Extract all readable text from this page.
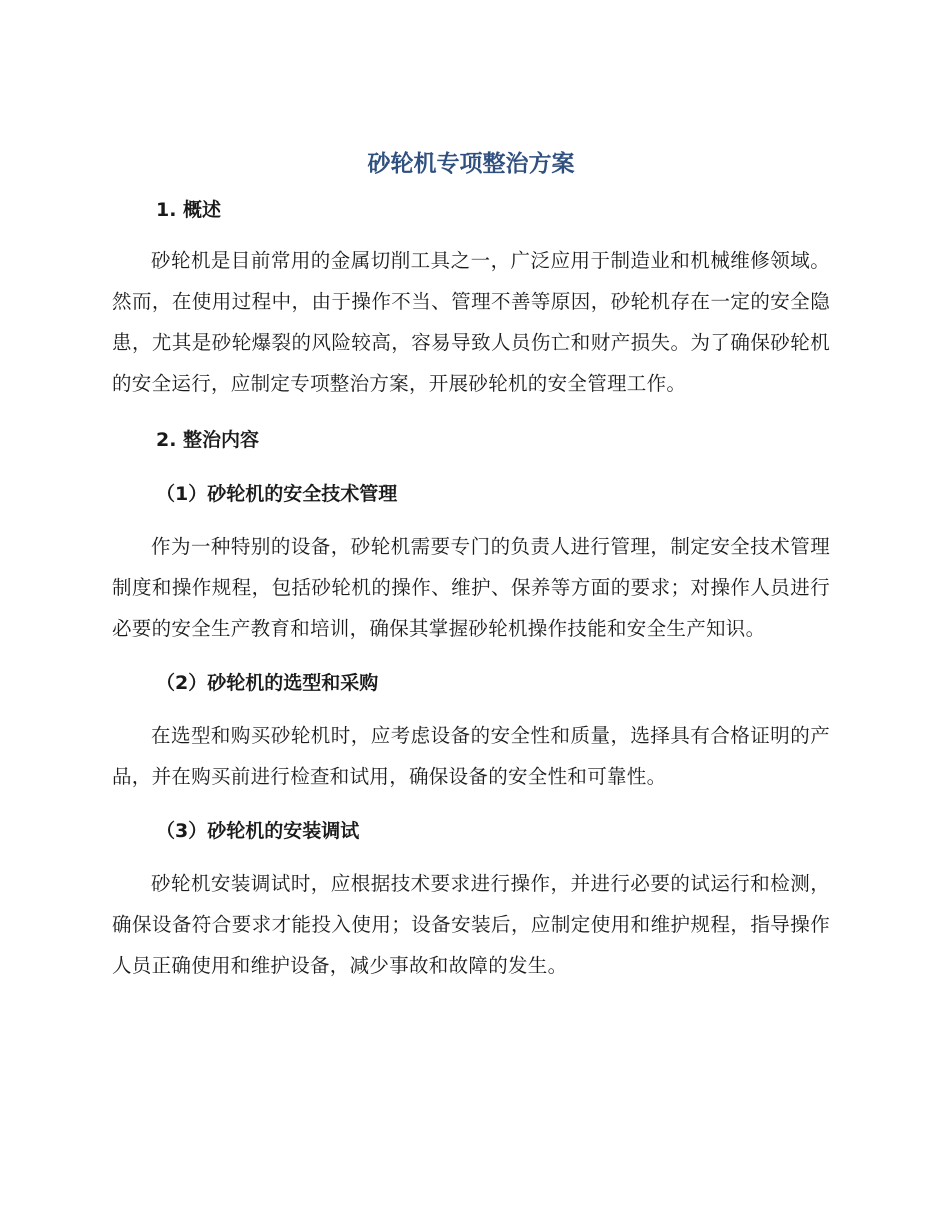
砂轮机专项整治方案
1. 概述

砂轮机是目前常用的金属切削工具之一，广泛应用于制造业和机械维修领域。然而，在使用过程中，由于操作不当、管理不善等原因，砂轮机存在一定的安全隐患，尤其是砂轮爆裂的风险较高，容易导致人员伤亡和财产损失。为了确保砂轮机的安全运行，应制定专项整治方案，开展砂轮机的安全管理工作。

2. 整治内容
（1）砂轮机的安全技术管理

作为一种特别的设备，砂轮机需要专门的负责人进行管理，制定安全技术管理制度和操作规程，包括砂轮机的操作、维护、保养等方面的要求；对操作人员进行必要的安全生产教育和培训，确保其掌握砂轮机操作技能和安全生产知识。

（2）砂轮机的选型和采购

在选型和购买砂轮机时，应考虑设备的安全性和质量，选择具有合格证明的产品，并在购买前进行检查和试用，确保设备的安全性和可靠性。

（3）砂轮机的安装调试

砂轮机安装调试时，应根据技术要求进行操作，并进行必要的试运行和检测，确保设备符合要求才能投入使用；设备安装后，应制定使用和维护规程，指导操作人员正确使用和维护设备，减少事故和故障的发生。
